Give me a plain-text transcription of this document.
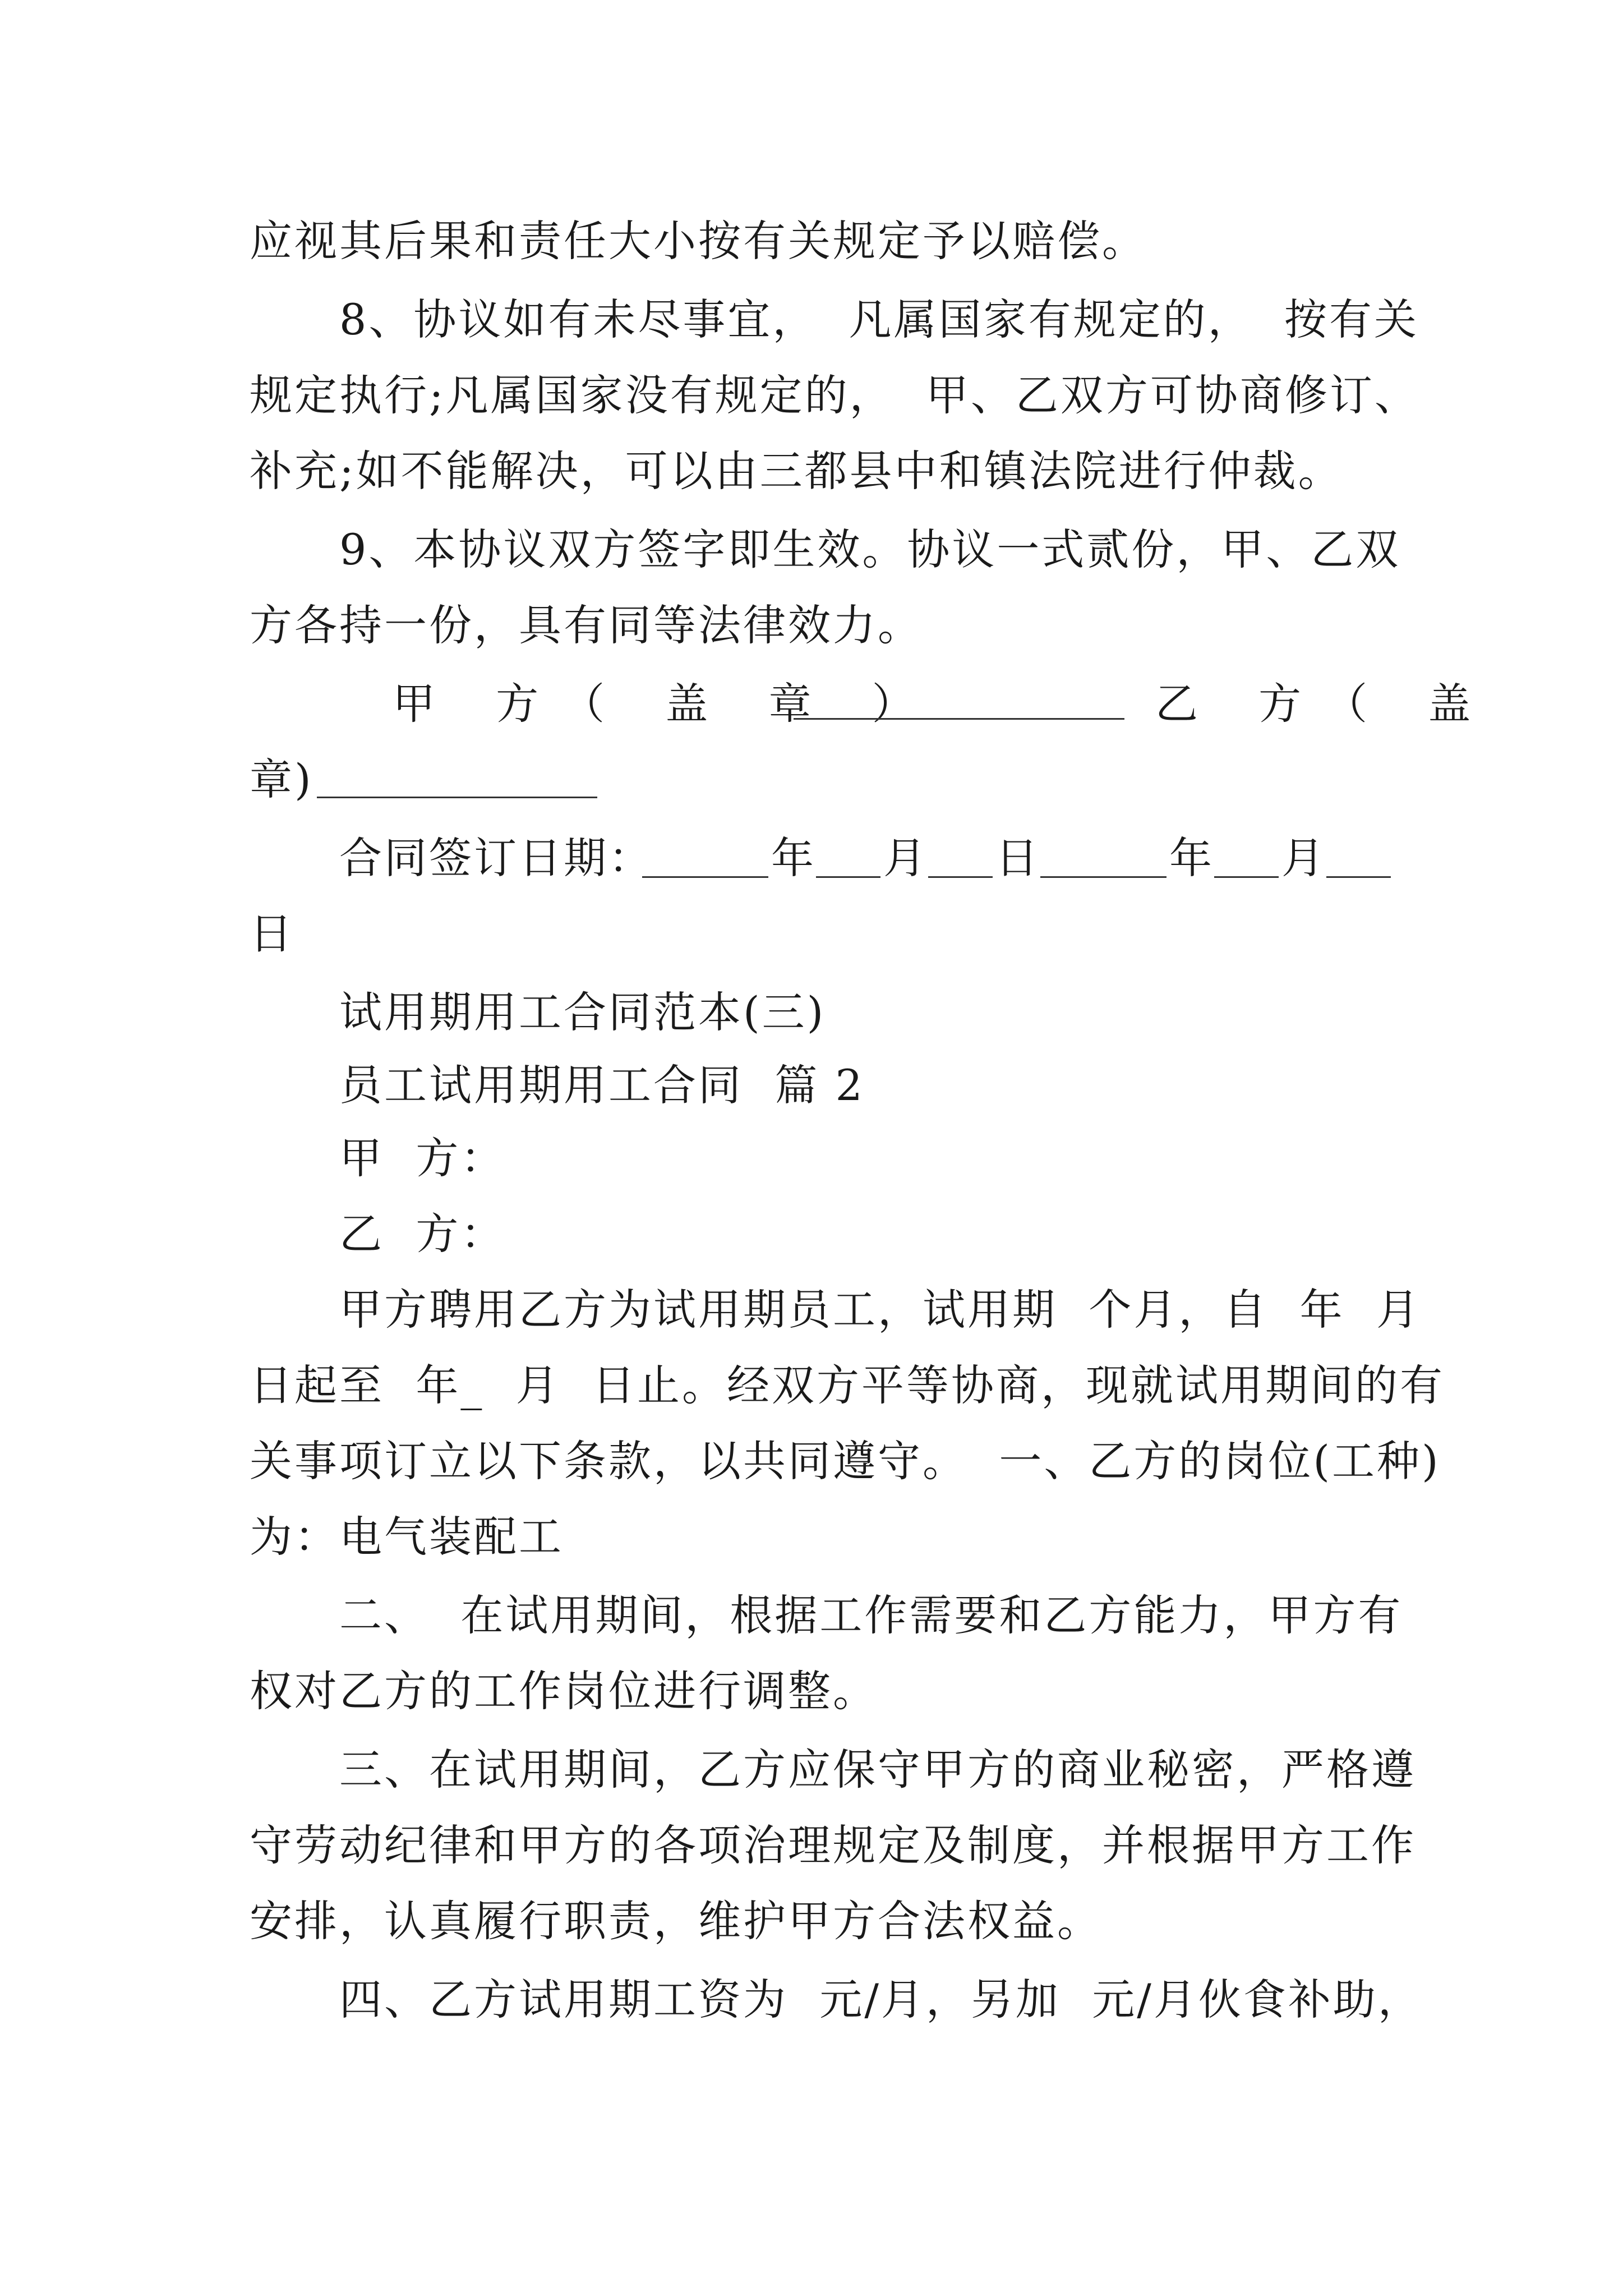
应视其后果和责任大小按有关规定予以赔偿。
8、协议如有未尽事宜，  凡属国家有规定的，  按有关
规定执行;凡属国家没有规定的，  甲、乙双方可协商修订、
补充;如不能解决，可以由三都县中和镇法院进行仲裁。
9、本协议双方签字即生效。协议一式贰份，甲、乙双
方各持一份，具有同等法律效力。
甲 方（ 盖 章 ）	乙 方（ 盖
章)
合同签订日期：	年 月 日	年 月
日
试用期用工合同范本(三)
员工试用期用工合同  篇 2
甲  方：
乙  方：
甲方聘用乙方为试用期员工，试用期  个月，自  年  月
日起至  年_  月  日止。经双方平等协商，现就试用期间的有
关事项订立以下条款，以共同遵守。  一、乙方的岗位(工种)
为：电气装配工
二、  在试用期间，根据工作需要和乙方能力，甲方有
权对乙方的工作岗位进行调整。
三、在试用期间，乙方应保守甲方的商业秘密，严格遵
守劳动纪律和甲方的各项治理规定及制度，并根据甲方工作
安排，认真履行职责，维护甲方合法权益。
四、乙方试用期工资为  元/月，另加  元/月伙食补助，
